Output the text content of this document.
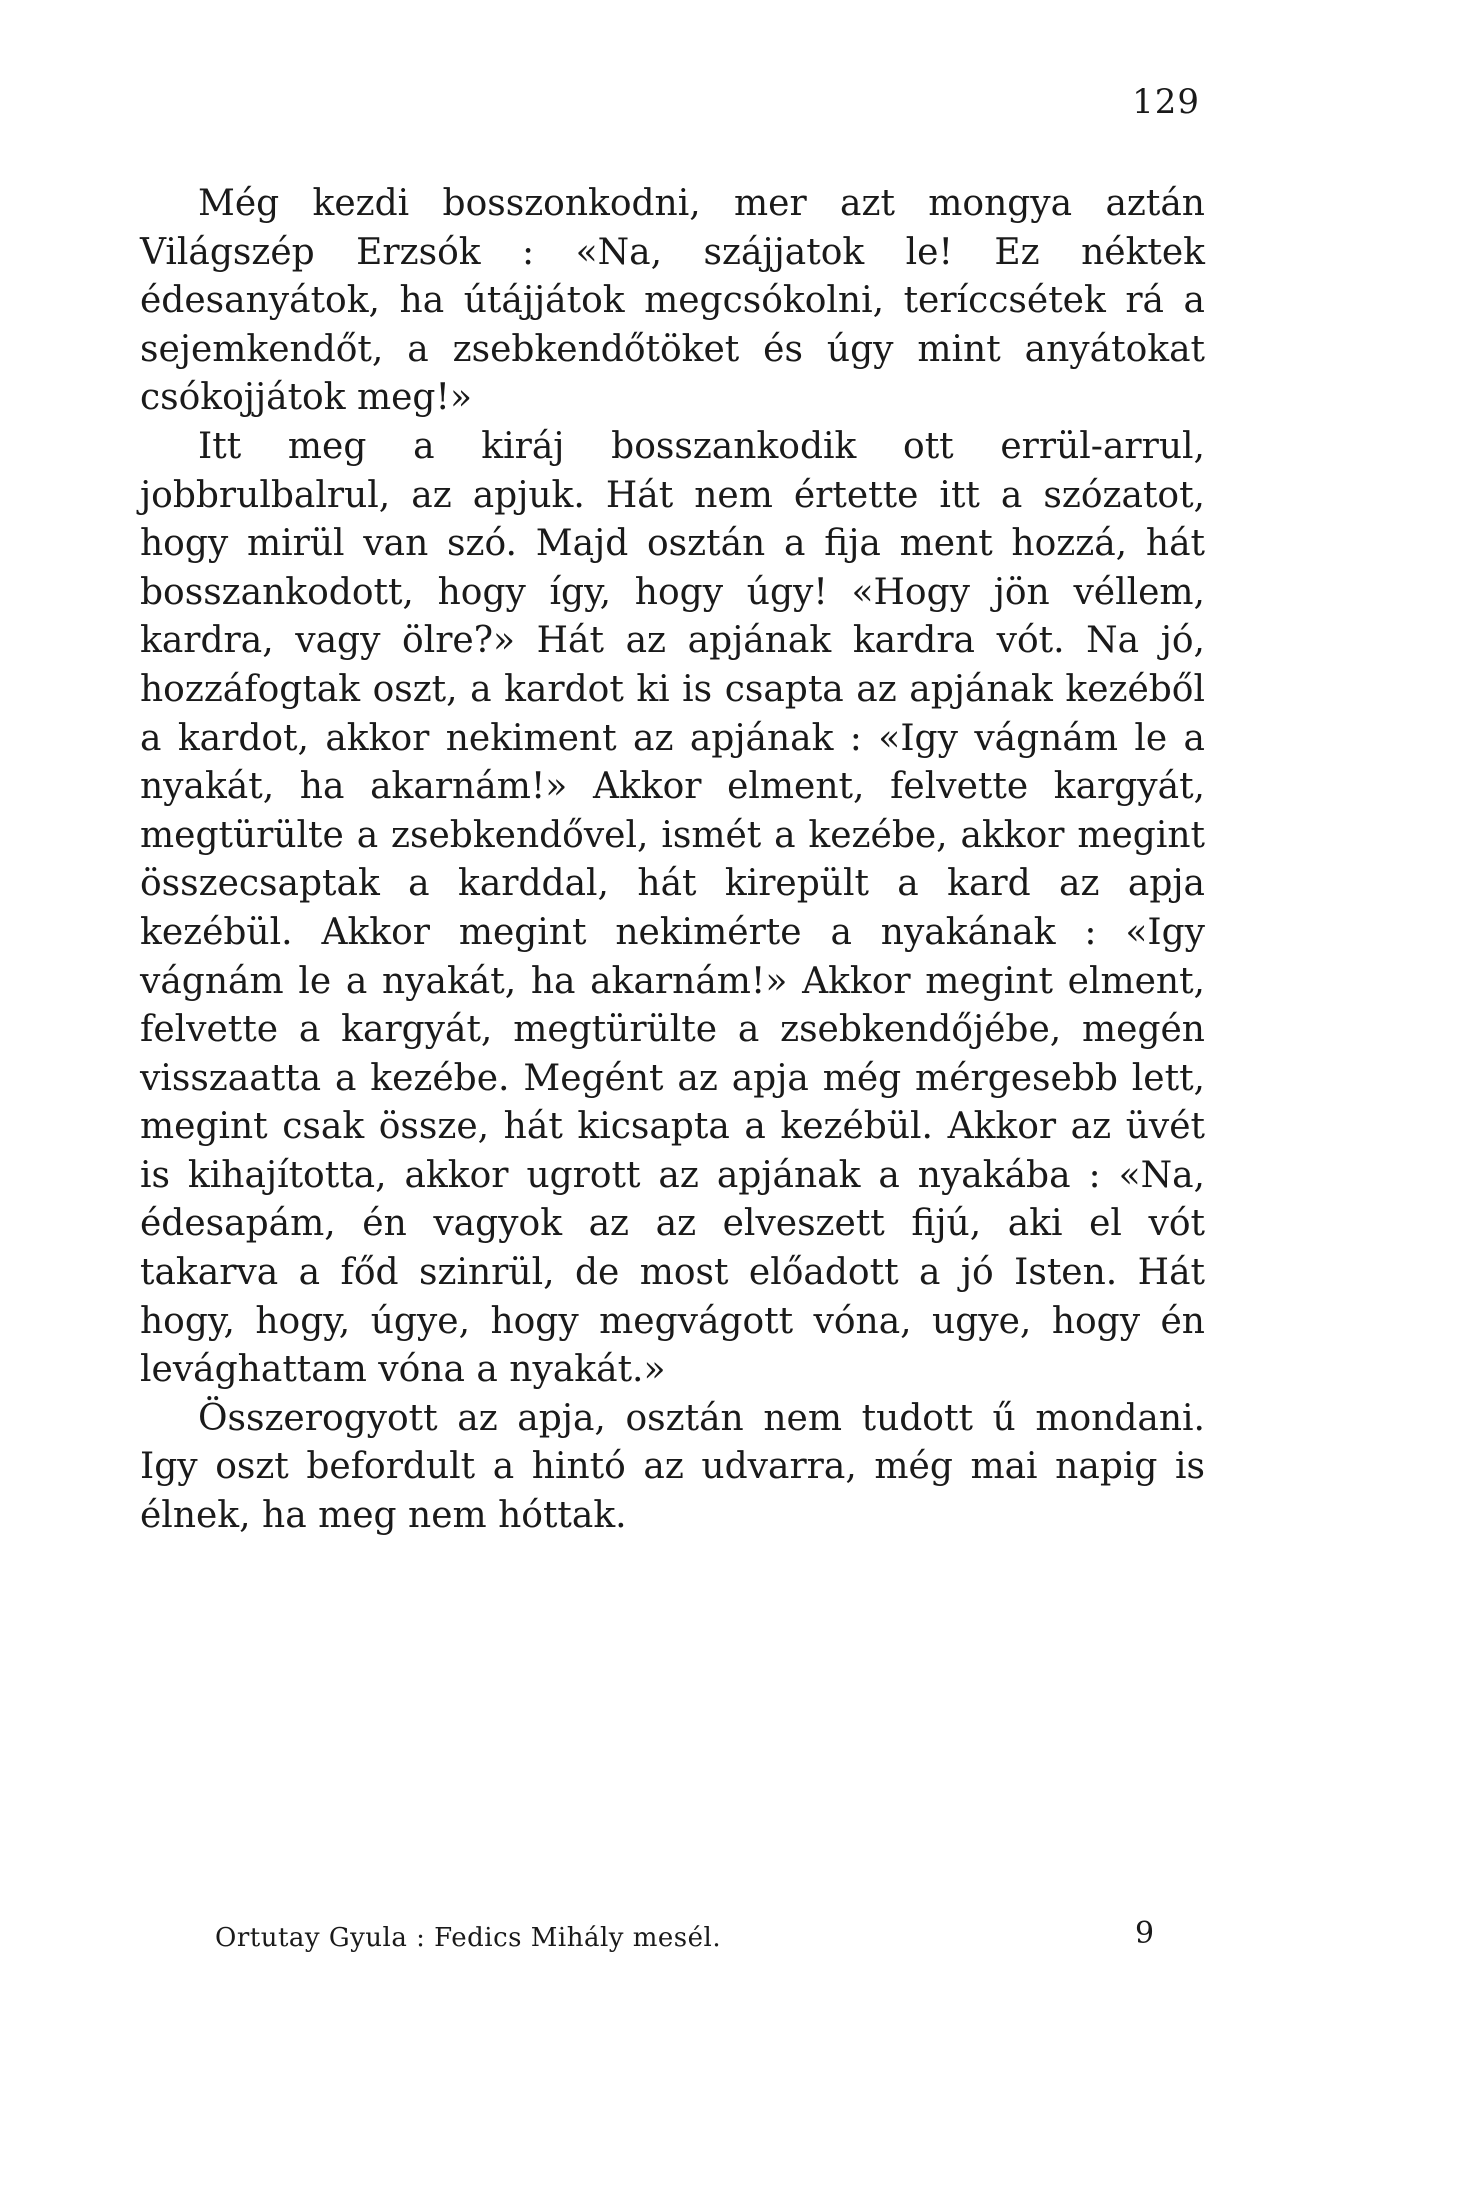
129

Még kezdi bosszonkodni, mer azt mongya aztán Világszép Erzsók : «Na, szájjatok le! Ez néktek édesanyátok, ha útájjátok megcsókolni, teríccsétek rá a sejemkendőt, a zsebkendőtöket és úgy mint anyátokat csókojjátok meg!»

Itt meg a kiráj bosszankodik ott errül-arrul, jobbrulbalrul, az apjuk. Hát nem értette itt a szózatot, hogy mirül van szó. Majd osztán a fija ment hozzá, hát bosszankodott, hogy így, hogy úgy! «Hogy jön véllem, kardra, vagy ölre?» Hát az apjának kardra vót. Na jó, hozzáfogtak oszt, a kardot ki is csapta az apjának kezéből a kardot, akkor nekiment az apjának : «Igy vágnám le a nyakát, ha akarnám!» Akkor elment, felvette kargyát, megtürülte a zsebkendővel, ismét a kezébe, akkor megint összecsaptak a karddal, hát kirepült a kard az apja kezébül. Akkor megint nekimérte a nyakának : «Igy vágnám le a nyakát, ha akarnám!» Akkor megint elment, felvette a kargyát, megtürülte a zsebkendőjébe, megén visszaatta a kezébe. Megént az apja még mérgesebb lett, megint csak össze, hát kicsapta a kezébül. Akkor az üvét is kihajította, akkor ugrott az apjának a nyakába : «Na, édesapám, én vagyok az az elveszett fijú, aki el vót takarva a főd szinrül, de most előadott a jó Isten. Hát hogy, hogy, úgye, hogy megvágott vóna, ugye, hogy én levághattam vóna a nyakát.»

Összerogyott az apja, osztán nem tudott ű mondani. Igy oszt befordult a hintó az udvarra, még mai napig is élnek, ha meg nem hóttak.

Ortutay Gyula : Fedics Mihály mesél.	9
